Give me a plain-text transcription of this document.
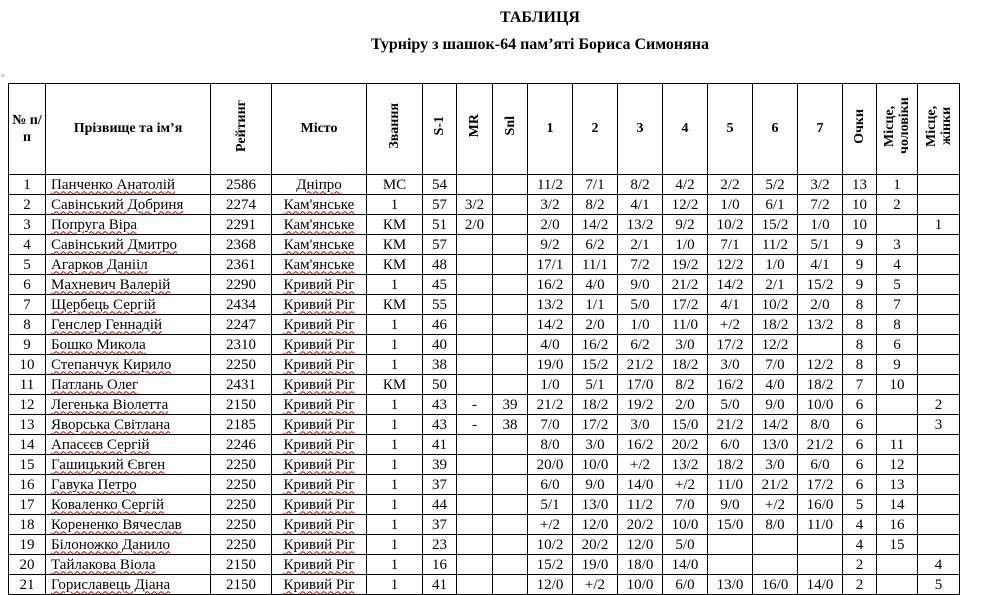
ТАБЛИЦЯ
Турніру з шашок-64 пам’яті Бориса Симоняна
+
№ п/п	Прізвище та ім’я	Рейтинг	Місто	Звання	S-1	MR	Snl	1	2	3	4	5	6	7	Очки	Місце, чоловіки	Місце, жінки
1	Панченко Анатолій	2586	Дніпро	МС	54			11/2	7/1	8/2	4/2	2/2	5/2	3/2	13	1	
2	Савінський Добриня	2274	Кам'янське	1	57	3/2		3/2	8/2	4/1	12/2	1/0	6/1	7/2	10	2	
3	Попруга Віра	2291	Кам'янське	КМ	51	2/0		2/0	14/2	13/2	9/2	10/2	15/2	1/0	10		1
4	Савінський Дмитро	2368	Кам'янське	КМ	57			9/2	6/2	2/1	1/0	7/1	11/2	5/1	9	3	
5	Агарков Данііл	2361	Кам'янське	КМ	48			17/1	11/1	7/2	19/2	12/2	1/0	4/1	9	4	
6	Махневич Валерій	2290	Кривий Ріг	1	45			16/2	4/0	9/0	21/2	14/2	2/1	15/2	9	5	
7	Щербець Сергій	2434	Кривий Ріг	КМ	55			13/2	1/1	5/0	17/2	4/1	10/2	2/0	8	7	
8	Генслер Геннадій	2247	Кривий Ріг	1	46			14/2	2/0	1/0	11/0	+/2	18/2	13/2	8	8	
9	Бошко Микола	2310	Кривий Ріг	1	40			4/0	16/2	6/2	3/0	17/2	12/2		8	6	
10	Степанчук Кирило	2250	Кривий Ріг	1	38			19/0	15/2	21/2	18/2	3/0	7/0	12/2	8	9	
11	Патлань Олег	2431	Кривий Ріг	КМ	50			1/0	5/1	17/0	8/2	16/2	4/0	18/2	7	10	
12	Легенька Віолетта	2150	Кривий Ріг	1	43	-	39	21/2	18/2	19/2	2/0	5/0	9/0	10/0	6		2
13	Яворська Світлана	2185	Кривий Ріг	1	43	-	38	7/0	17/2	3/0	15/0	21/2	14/2	8/0	6		3
14	Апасєєв Сергій	2246	Кривий Ріг	1	41			8/0	3/0	16/2	20/2	6/0	13/0	21/2	6	11	
15	Гашицький Євген	2250	Кривий Ріг	1	39			20/0	10/0	+/2	13/2	18/2	3/0	6/0	6	12	
16	Гавука Петро	2250	Кривий Ріг	1	37			6/0	9/0	14/0	+/2	11/0	21/2	17/2	6	13	
17	Коваленко Сергій	2250	Кривий Ріг	1	44			5/1	13/0	11/2	7/0	9/0	+/2	16/0	5	14	
18	Корененко Вячеслав	2250	Кривий Ріг	1	37			+/2	12/0	20/2	10/0	15/0	8/0	11/0	4	16	
19	Білоножко Данило	2250	Кривий Ріг	1	23			10/2	20/2	12/0	5/0				4	15	
20	Тайлакова Віола	2150	Кривий Ріг	1	16			15/2	19/0	18/0	14/0				2		4
21	Гориславець Діана	2150	Кривий Ріг	1	41			12/0	+/2	10/0	6/0	13/0	16/0	14/0	2		5
